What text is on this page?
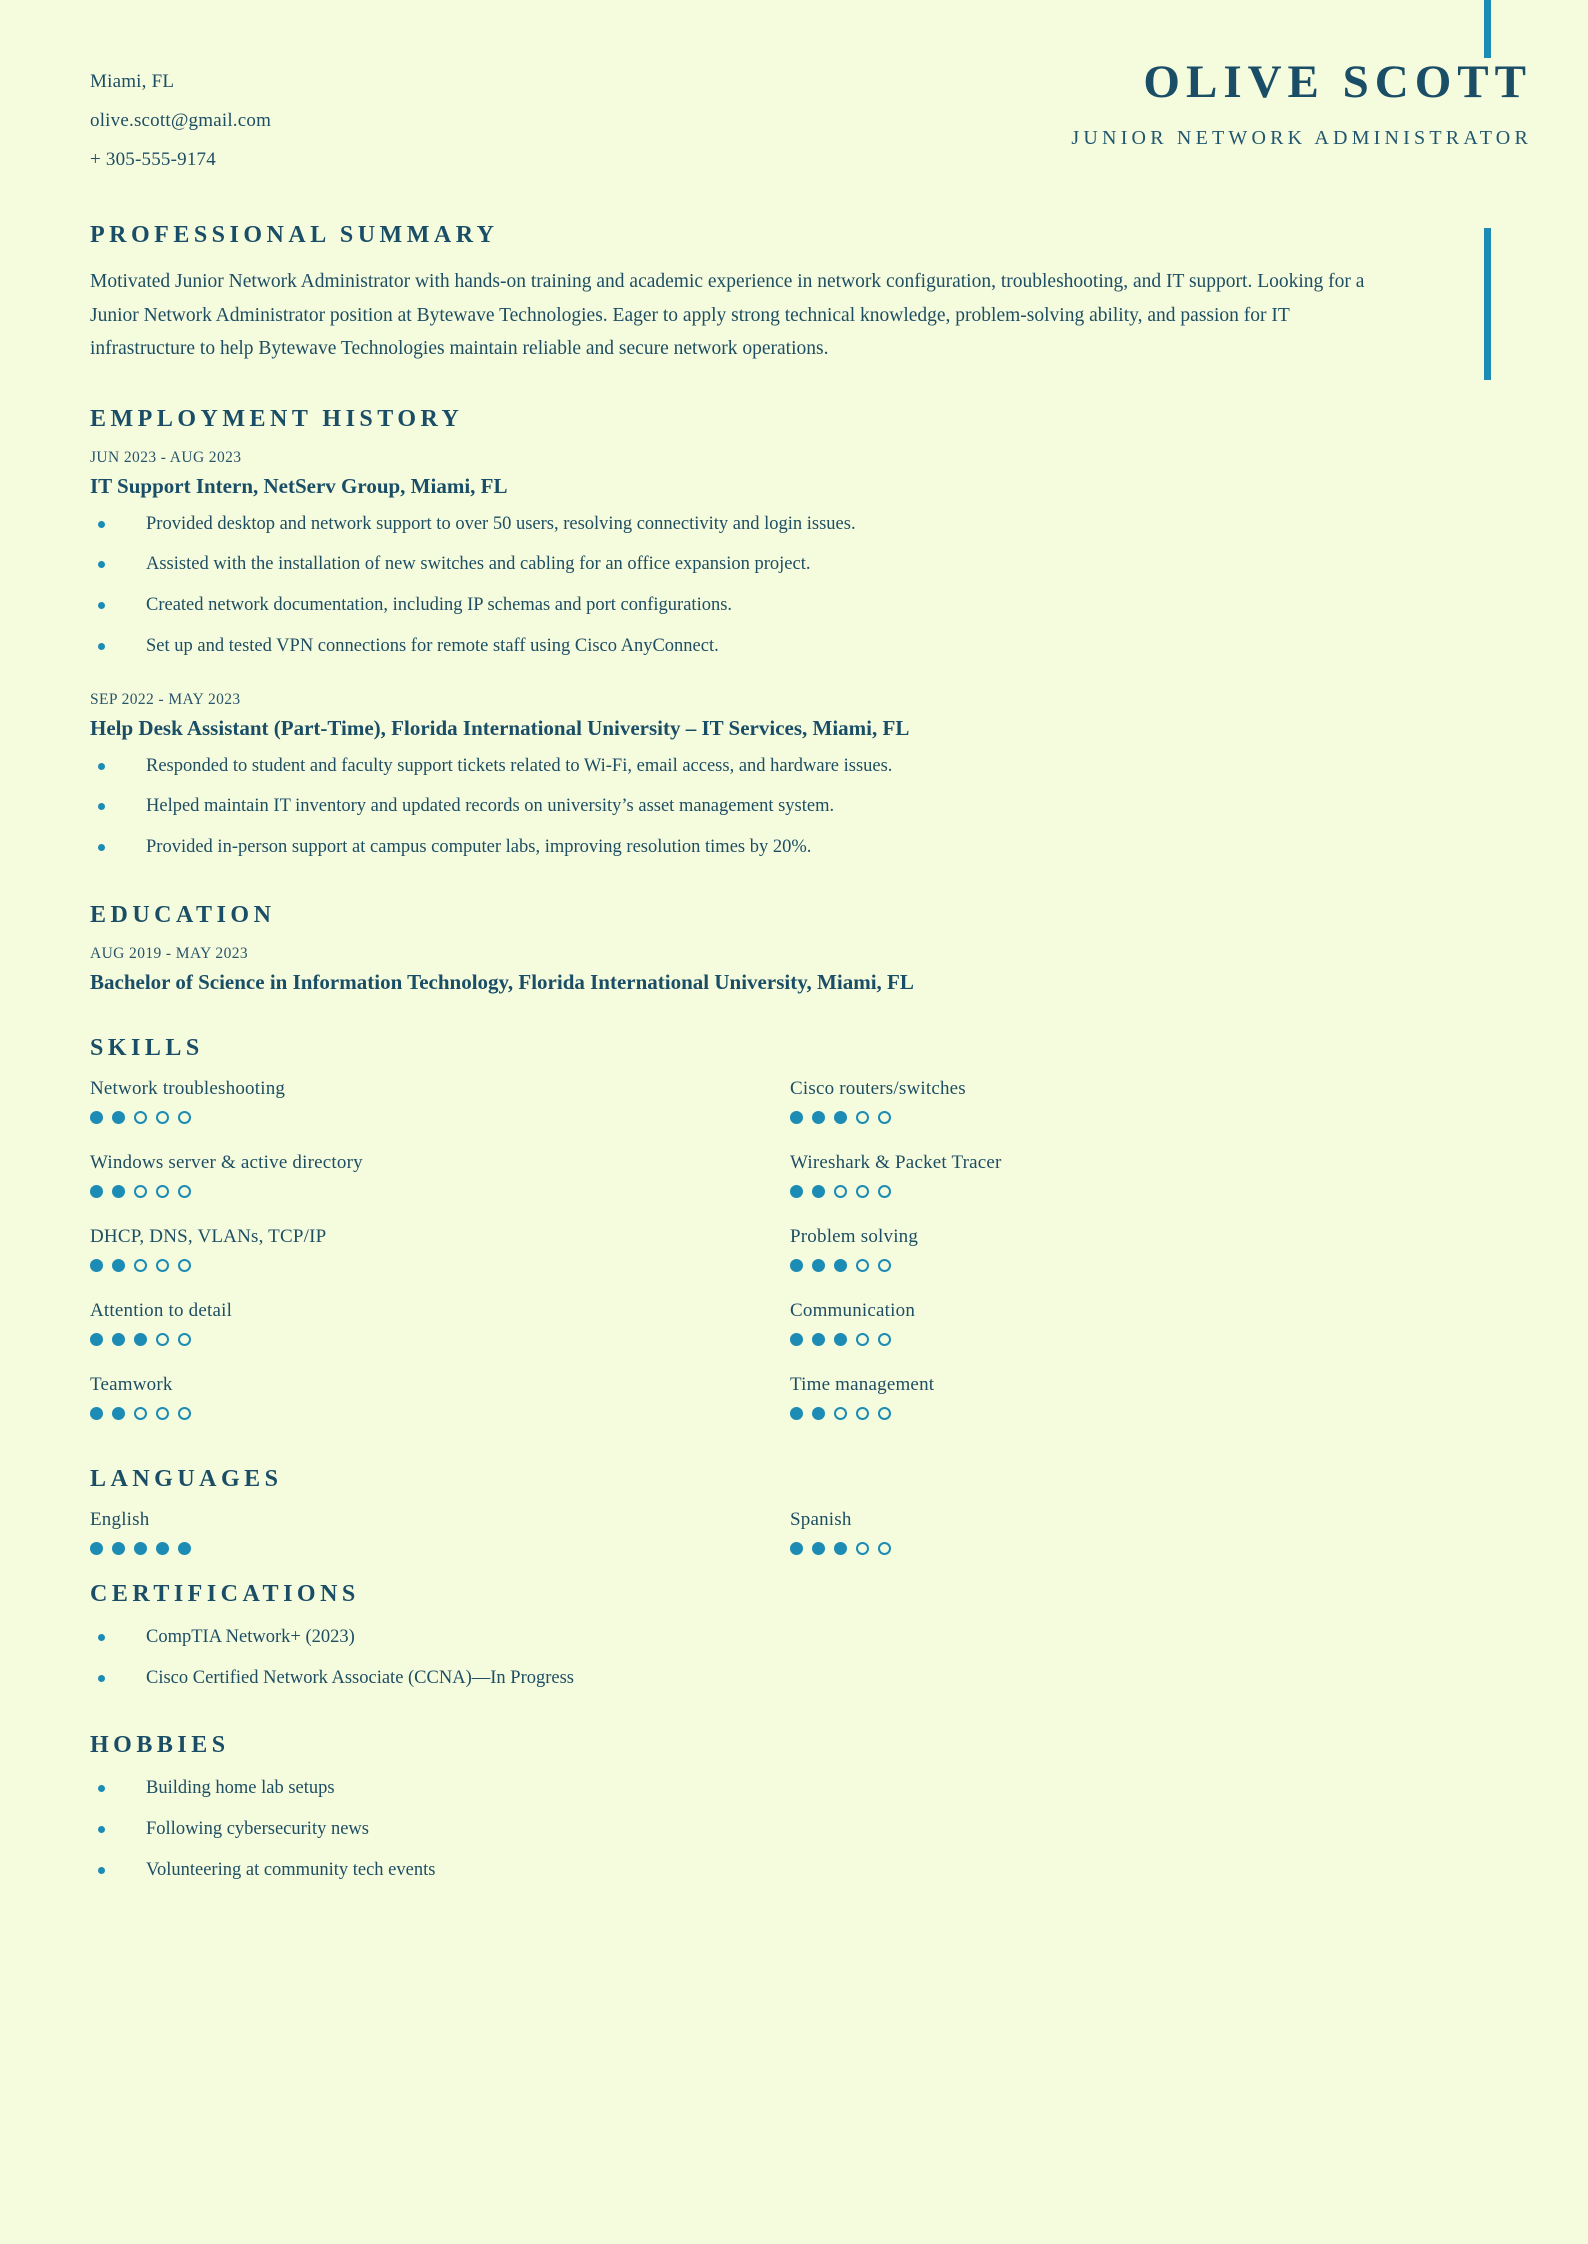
Miami, FL
olive.scott@gmail.com
+ 305-555-9174
OLIVE SCOTT
JUNIOR NETWORK ADMINISTRATOR
PROFESSIONAL SUMMARY
Motivated Junior Network Administrator with hands-on training and academic experience in network configuration, troubleshooting, and IT support. Looking for a Junior Network Administrator position at Bytewave Technologies. Eager to apply strong technical knowledge, problem-solving ability, and passion for IT infrastructure to help Bytewave Technologies maintain reliable and secure network operations.
EMPLOYMENT HISTORY
JUN 2023 - AUG 2023
IT Support Intern, NetServ Group, Miami, FL
Provided desktop and network support to over 50 users, resolving connectivity and login issues.
Assisted with the installation of new switches and cabling for an office expansion project.
Created network documentation, including IP schemas and port configurations.
Set up and tested VPN connections for remote staff using Cisco AnyConnect.
SEP 2022 - MAY 2023
Help Desk Assistant (Part-Time), Florida International University – IT Services, Miami, FL
Responded to student and faculty support tickets related to Wi-Fi, email access, and hardware issues.
Helped maintain IT inventory and updated records on university’s asset management system.
Provided in-person support at campus computer labs, improving resolution times by 20%.
EDUCATION
AUG 2019 - MAY 2023
Bachelor of Science in Information Technology, Florida International University, Miami, FL
SKILLS
Network troubleshooting	Cisco routers/switches
Windows server & active directory	Wireshark & Packet Tracer
DHCP, DNS, VLANs, TCP/IP	Problem solving
Attention to detail	Communication
Teamwork	Time management
LANGUAGES
English	Spanish
CERTIFICATIONS
CompTIA Network+ (2023)
Cisco Certified Network Associate (CCNA)—In Progress
HOBBIES
Building home lab setups
Following cybersecurity news
Volunteering at community tech events
